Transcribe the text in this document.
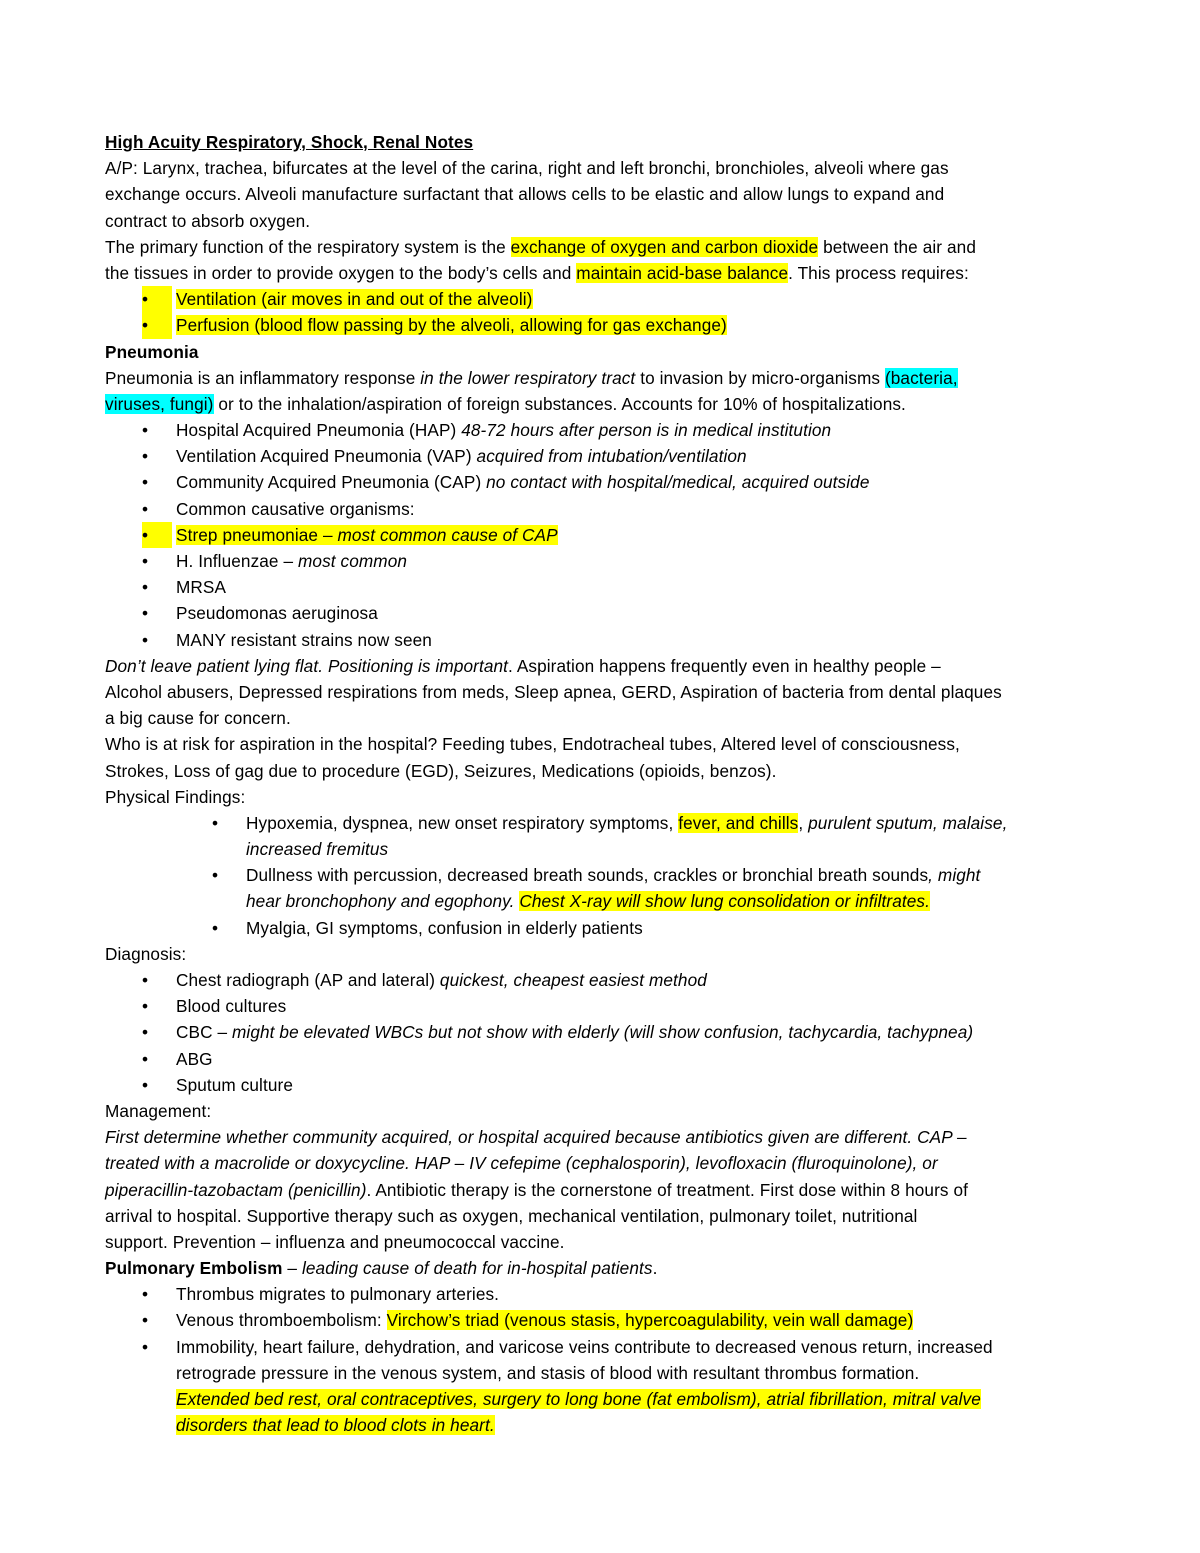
High Acuity Respiratory, Shock, Renal Notes
A/P: Larynx, trachea, bifurcates at the level of the carina, right and left bronchi, bronchioles, alveoli where gas
exchange occurs. Alveoli manufacture surfactant that allows cells to be elastic and allow lungs to expand and
contract to absorb oxygen.
The primary function of the respiratory system is the exchange of oxygen and carbon dioxide between the air and
the tissues in order to provide oxygen to the body’s cells and maintain acid-base balance. This process requires:
•	Ventilation (air moves in and out of the alveoli)
•	Perfusion (blood flow passing by the alveoli, allowing for gas exchange)
Pneumonia
Pneumonia is an inflammatory response in the lower respiratory tract to invasion by micro-organisms (bacteria,
viruses, fungi) or to the inhalation/aspiration of foreign substances. Accounts for 10% of hospitalizations.
• Hospital Acquired Pneumonia (HAP) 48-72 hours after person is in medical institution
• Ventilation Acquired Pneumonia (VAP) acquired from intubation/ventilation
• Community Acquired Pneumonia (CAP) no contact with hospital/medical, acquired outside
• Common causative organisms:
•	Strep pneumoniae – most common cause of CAP
• H. Influenzae – most common
• MRSA
• Pseudomonas aeruginosa
• MANY resistant strains now seen
Don’t leave patient lying flat. Positioning is important. Aspiration happens frequently even in healthy people –
Alcohol abusers, Depressed respirations from meds, Sleep apnea, GERD, Aspiration of bacteria from dental plaques
a big cause for concern.
Who is at risk for aspiration in the hospital? Feeding tubes, Endotracheal tubes, Altered level of consciousness,
Strokes, Loss of gag due to procedure (EGD), Seizures, Medications (opioids, benzos).
Physical Findings:
• Hypoxemia, dyspnea, new onset respiratory symptoms, fever, and chills, purulent sputum, malaise,
increased fremitus
• Dullness with percussion, decreased breath sounds, crackles or bronchial breath sounds, might
hear bronchophony and egophony. Chest X-ray will show lung consolidation or infiltrates.
• Myalgia, GI symptoms, confusion in elderly patients
Diagnosis:
• Chest radiograph (AP and lateral) quickest, cheapest easiest method
• Blood cultures
• CBC – might be elevated WBCs but not show with elderly (will show confusion, tachycardia, tachypnea)
• ABG
• Sputum culture
Management:
First determine whether community acquired, or hospital acquired because antibiotics given are different. CAP –
treated with a macrolide or doxycycline. HAP – IV cefepime (cephalosporin), levofloxacin (fluroquinolone), or
piperacillin-tazobactam (penicillin). Antibiotic therapy is the cornerstone of treatment. First dose within 8 hours of
arrival to hospital. Supportive therapy such as oxygen, mechanical ventilation, pulmonary toilet, nutritional
support. Prevention – influenza and pneumococcal vaccine.
Pulmonary Embolism – leading cause of death for in-hospital patients.
• Thrombus migrates to pulmonary arteries.
• Venous thromboembolism: Virchow’s triad (venous stasis, hypercoagulability, vein wall damage)
• Immobility, heart failure, dehydration, and varicose veins contribute to decreased venous return, increased
retrograde pressure in the venous system, and stasis of blood with resultant thrombus formation.
Extended bed rest, oral contraceptives, surgery to long bone (fat embolism), atrial fibrillation, mitral valve
disorders that lead to blood clots in heart.
